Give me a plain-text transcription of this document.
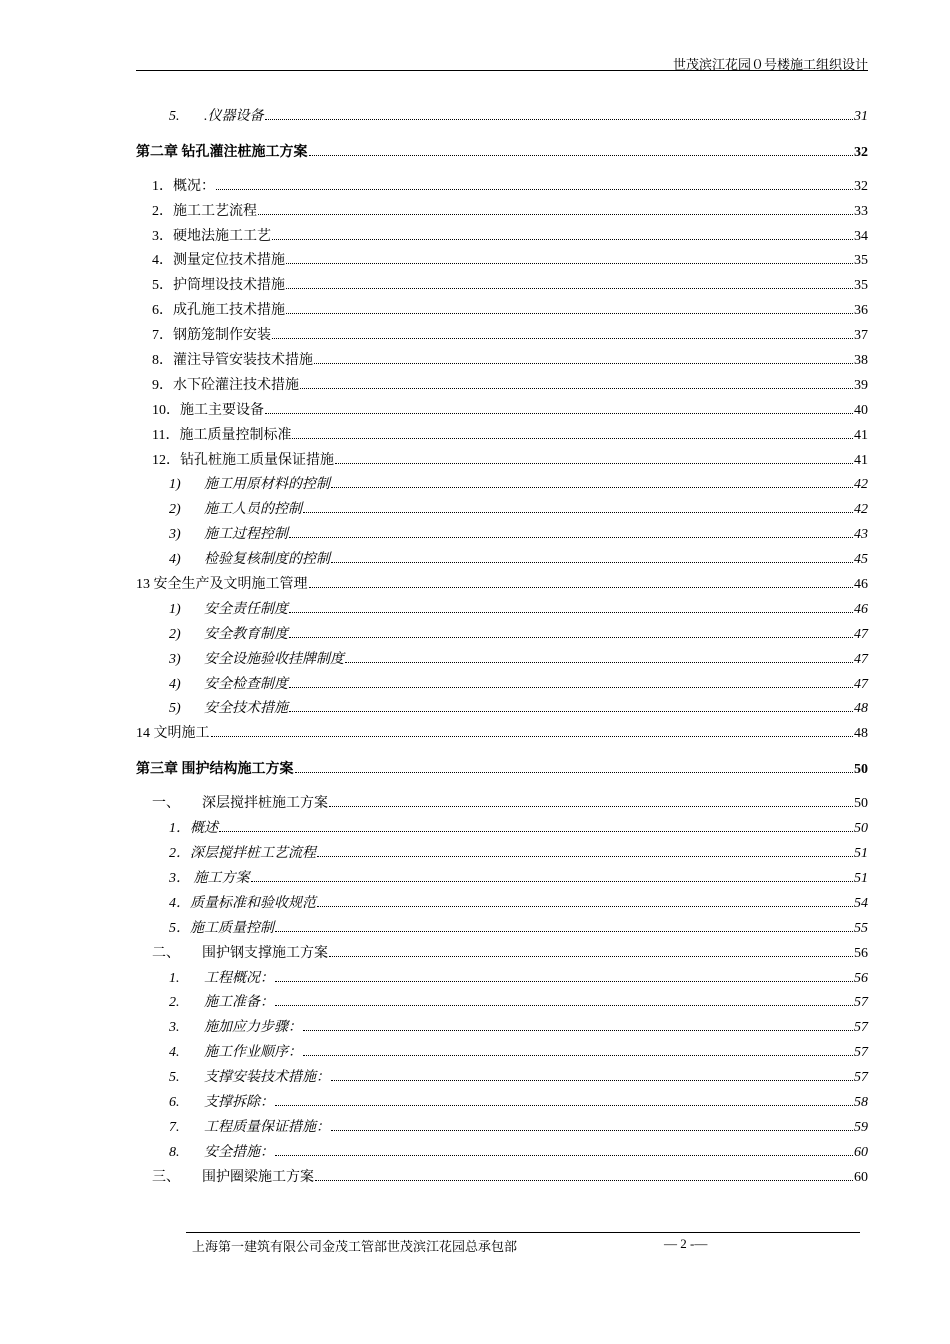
世茂滨江花园０号楼施工组织设计
5. .仪器设备	31
第二章 钻孔灌注桩施工方案	32
1．概况：	32
2．施工工艺流程	33
3．硬地法施工工艺	34
4．测量定位技术措施	35
5．护筒埋设技术措施	35
6．成孔施工技术措施	36
7．钢筋笼制作安装	37
8．灌注导管安装技术措施	38
9．水下砼灌注技术措施	39
10．施工主要设备	40
11．施工质量控制标准	41
12．钻孔桩施工质量保证措施	41
1) 施工用原材料的控制	42
2) 施工人员的控制	42
3) 施工过程控制	43
4) 检验复核制度的控制	45
13 安全生产及文明施工管理	46
1) 安全责任制度	46
2) 安全教育制度	47
3) 安全设施验收挂牌制度	47
4) 安全检查制度	47
5) 安全技术措施	48
14 文明施工	48
第三章 围护结构施工方案	50
一、 深层搅拌桩施工方案	50
1．概述	50
2．深层搅拌桩工艺流程	51
3． 施工方案	51
4．质量标准和验收规范	54
5．施工质量控制	55
二、 围护钢支撑施工方案	56
1. 工程概况：	56
2. 施工准备：	57
3. 施加应力步骤：	57
4. 施工作业顺序：	57
5. 支撑安装技术措施：	57
6. 支撑拆除：	58
7. 工程质量保证措施：	59
8. 安全措施：	60
三、 围护圈梁施工方案	60
上海第一建筑有限公司金茂工管部世茂滨江花园总承包部	— 2 -—
